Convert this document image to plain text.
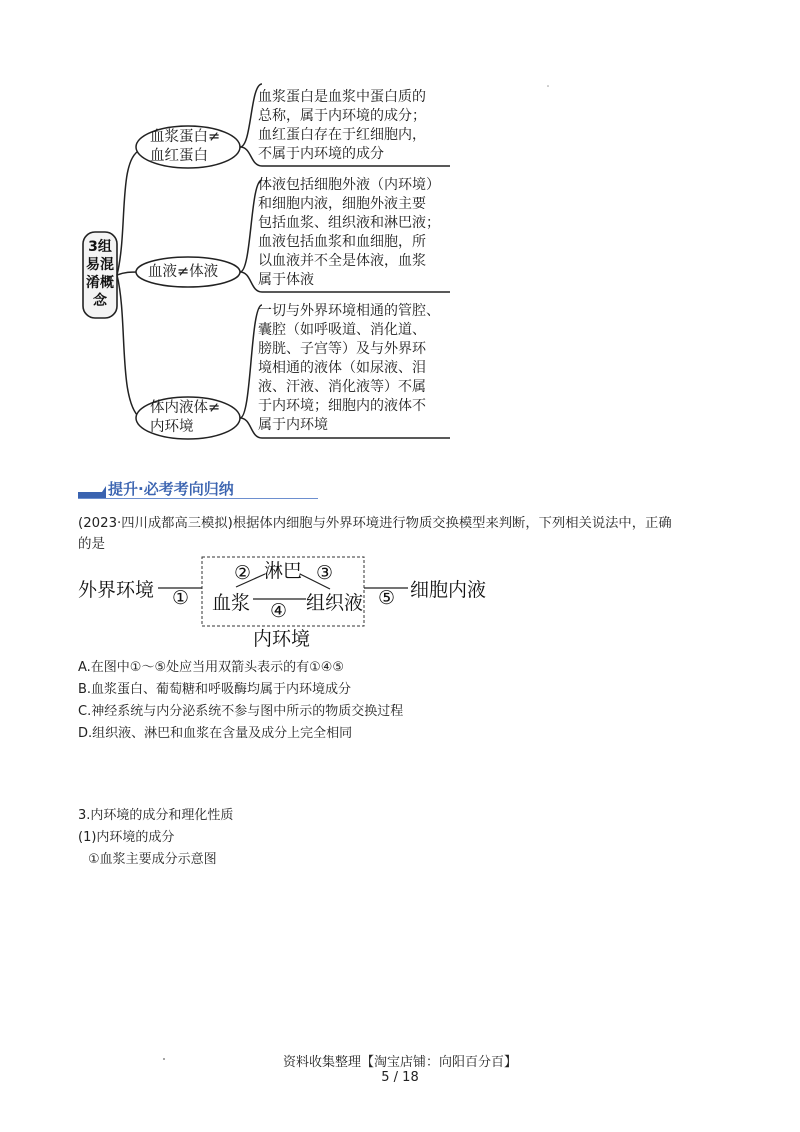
3组易混淆概念
血浆蛋白≠
血红蛋白
血浆蛋白是血浆中蛋白质的
总称，属于内环境的成分；
血红蛋白存在于红细胞内，
不属于内环境的成分
血液≠体液
体液包括细胞外液（内环境）
和细胞内液，细胞外液主要
包括血浆、组织液和淋巴液；
血液包括血浆和血细胞，所
以血液并不全是体液，血浆
属于体液
体内液体≠
内环境
一切与外界环境相通的管腔、
囊腔（如呼吸道、消化道、
膀胱、子宫等）及与外界环
境相通的液体（如尿液、泪
液、汗液、消化液等）不属
于内环境；细胞内的液体不
属于内环境
提升·必考考向归纳
(2023·四川成都高三模拟)根据体内细胞与外界环境进行物质交换模型来判断，下列相关说法中，正确
的是
外界环境 ①
② 淋巴 ③
血浆 ④ 组织液 ⑤ 细胞内液
内环境
A.在图中①～⑤处应当用双箭头表示的有①④⑤
B.血浆蛋白、葡萄糖和呼吸酶均属于内环境成分
C.神经系统与内分泌系统不参与图中所示的物质交换过程
D.组织液、淋巴和血浆在含量及成分上完全相同
3.内环境的成分和理化性质
(1)内环境的成分
①血浆主要成分示意图
资料收集整理【淘宝店铺：向阳百分百】
5 / 18
